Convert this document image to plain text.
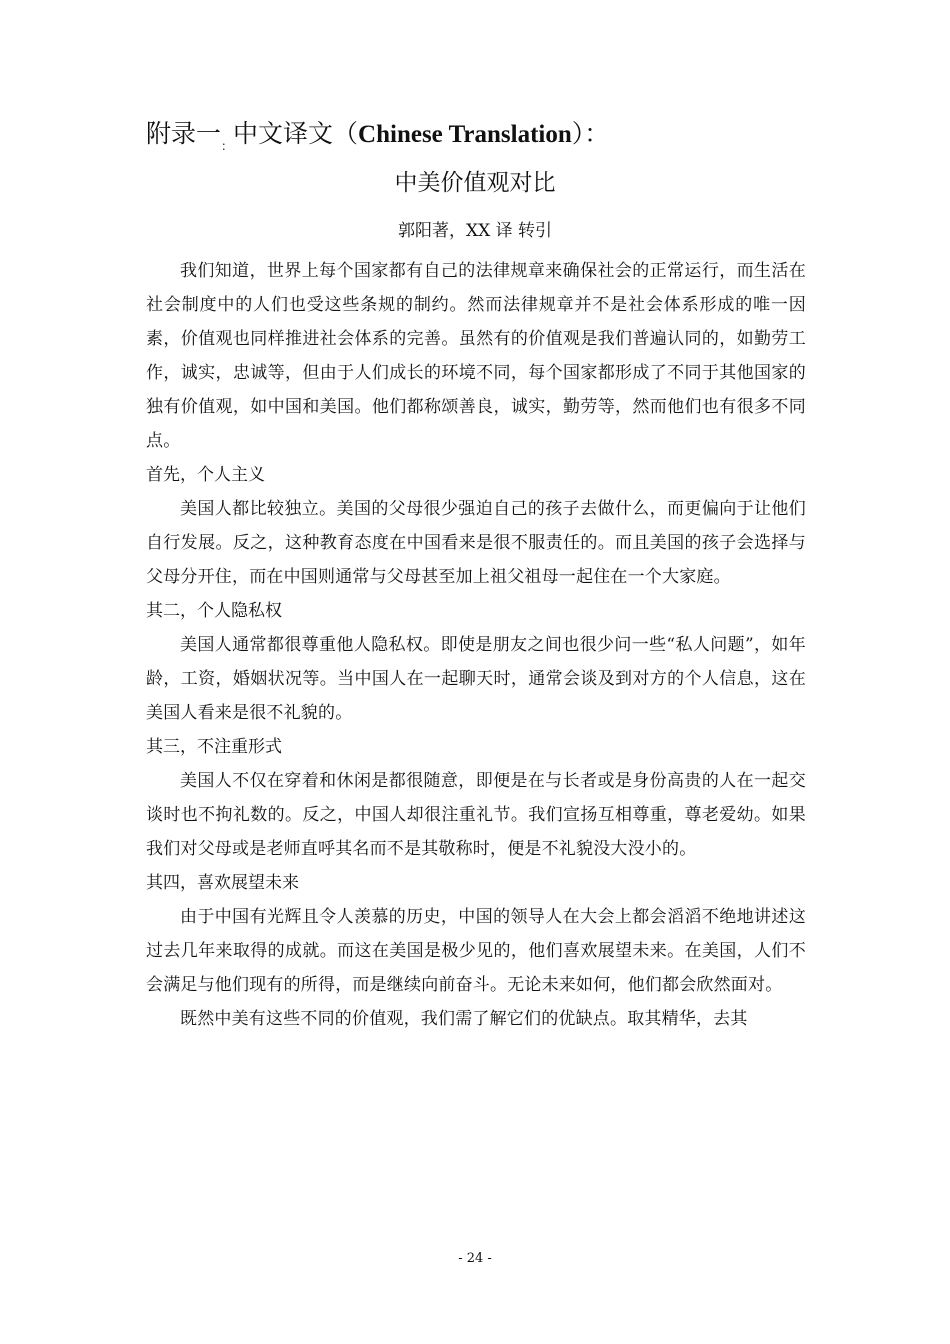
附录一$_:$中文译文（Chinese Translation）：
中美价值观对比
郭阳著，XX 译 转引

我们知道，世界上每个国家都有自己的法律规章来确保社会的正常运行，而生活在社会制度中的人们也受这些条规的制约。然而法律规章并不是社会体系形成的唯一因素，价值观也同样推进社会体系的完善。虽然有的价值观是我们普遍认同的，如勤劳工作，诚实，忠诚等，但由于人们成长的环境不同，每个国家都形成了不同于其他国家的独有价值观，如中国和美国。他们都称颂善良，诚实，勤劳等，然而他们也有很多不同点。

首先，个人主义

美国人都比较独立。美国的父母很少强迫自己的孩子去做什么，而更偏向于让他们自行发展。反之，这种教育态度在中国看来是很不服责任的。而且美国的孩子会选择与父母分开住，而在中国则通常与父母甚至加上祖父祖母一起住在一个大家庭。

其二，个人隐私权

美国人通常都很尊重他人隐私权。即使是朋友之间也很少问一些“私人问题”，如年龄，工资，婚姻状况等。当中国人在一起聊天时，通常会谈及到对方的个人信息，这在美国人看来是很不礼貌的。

其三，不注重形式

美国人不仅在穿着和休闲是都很随意，即便是在与长者或是身份高贵的人在一起交谈时也不拘礼数的。反之，中国人却很注重礼节。我们宣扬互相尊重，尊老爱幼。如果我们对父母或是老师直呼其名而不是其敬称时，便是不礼貌没大没小的。

其四，喜欢展望未来

由于中国有光辉且令人羡慕的历史，中国的领导人在大会上都会滔滔不绝地讲述这过去几年来取得的成就。而这在美国是极少见的，他们喜欢展望未来。在美国，人们不会满足与他们现有的所得，而是继续向前奋斗。无论未来如何，他们都会欣然面对。

既然中美有这些不同的价值观，我们需了解它们的优缺点。取其精华，去其

- 24 -
